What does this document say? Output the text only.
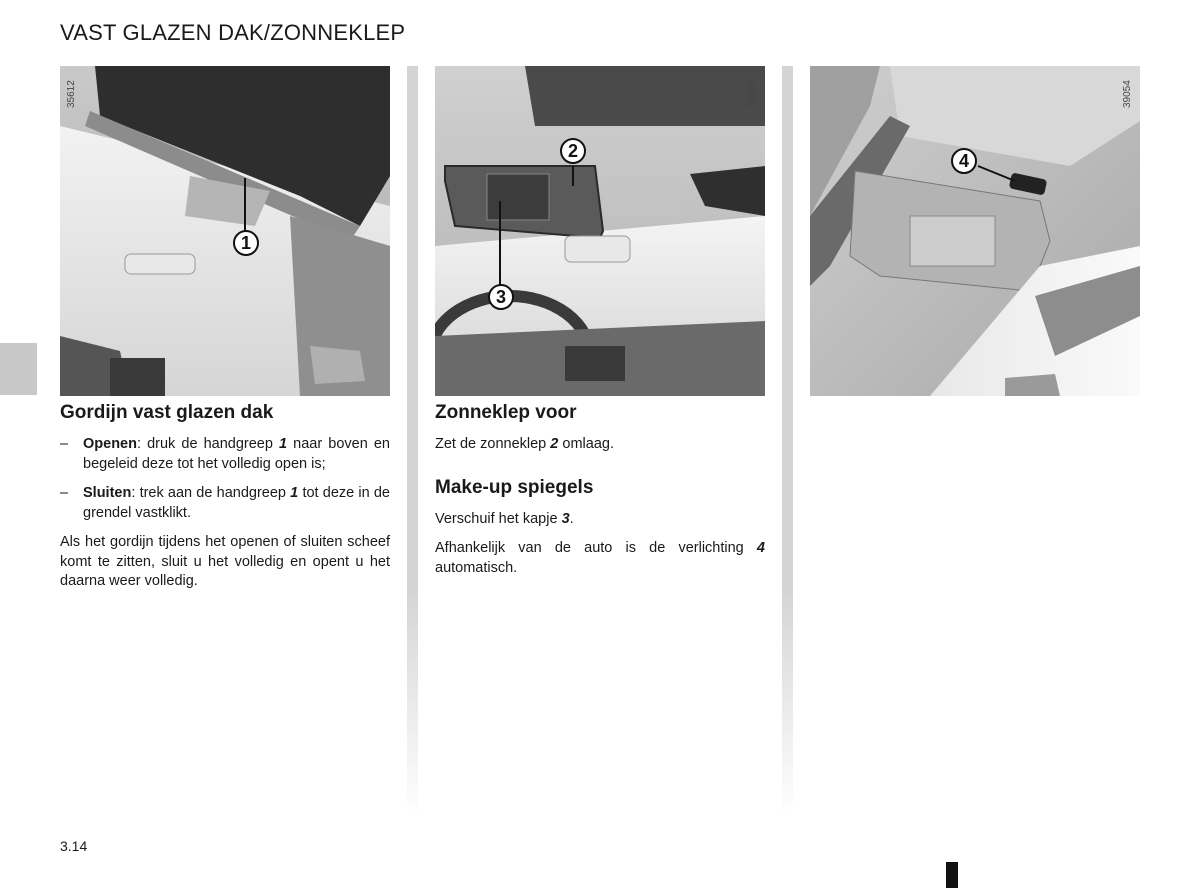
VAST GLAZEN DAK/ZONNEKLEP
35612
1
35613
2
3
39054
4
Gordijn vast glazen dak
– Openen: druk de handgreep 1 naar boven en begeleid deze tot het volledig open is;
– Sluiten: trek aan de handgreep 1 tot deze in de grendel vastklikt.

Als het gordijn tijdens het openen of sluiten scheef komt te zitten, sluit u het volledig en opent u het daarna weer volledig.

Zonneklep voor

Zet de zonneklep 2 omlaag.

Make-up spiegels

Verschuif het kapje 3.

Afhankelijk van de auto is de verlichting 4 automatisch.

3.14
